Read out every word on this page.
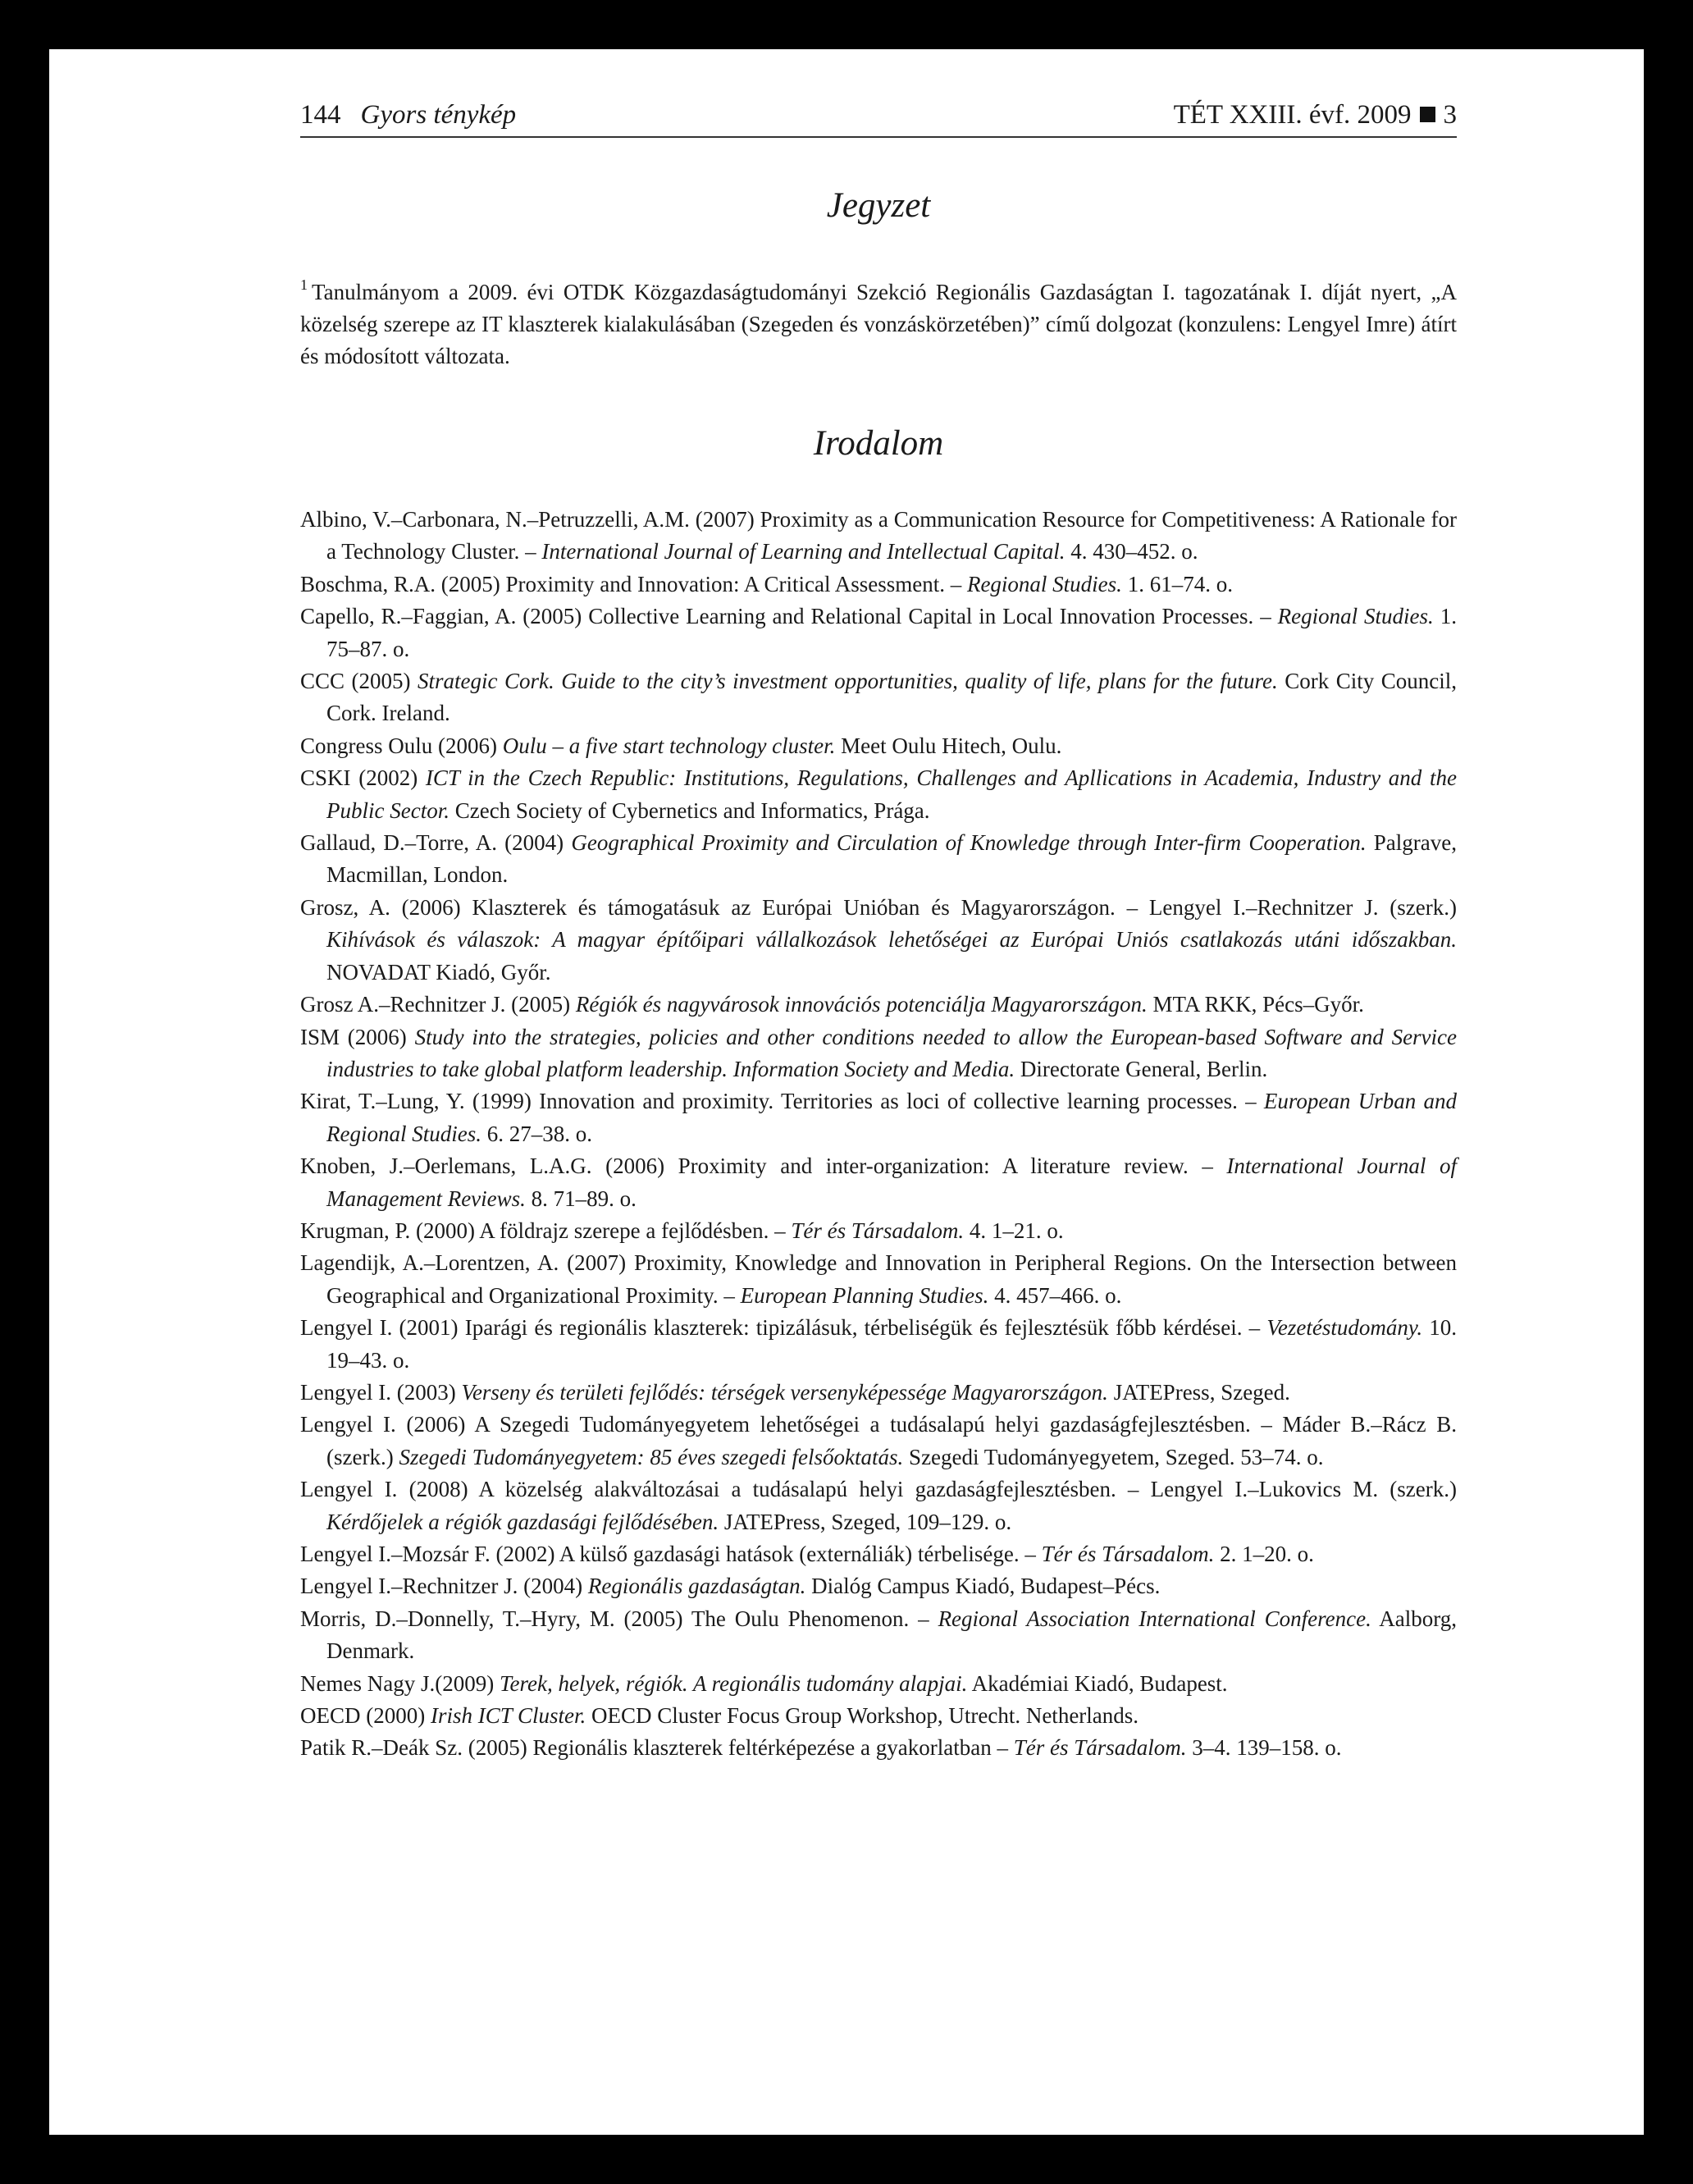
144 Gyors ténykép	TÉT XXIII. évf. 2009 3
Jegyzet

$^1$ Tanulmányom a 2009. évi OTDK Közgazdaságtudományi Szekció Regionális Gazdaságtan I. tagozatának I. díját nyert, „A közelség szerepe az IT klaszterek kialakulásában (Szegeden és vonzáskörzetében)” című dolgozat (konzulens: Lengyel Imre) átírt és módosított változata.

Irodalom

Albino, V.–Carbonara, N.–Petruzzelli, A.M. (2007) Proximity as a Communication Resource for Competitiveness: A Rationale for a Technology Cluster. – International Journal of Learning and Intellectual Capital. 4. 430–452. o.

Boschma, R.A. (2005) Proximity and Innovation: A Critical Assessment. – Regional Studies. 1. 61–74. o.

Capello, R.–Faggian, A. (2005) Collective Learning and Relational Capital in Local Innovation Processes. – Regional Studies. 1. 75–87. o.

CCC (2005) Strategic Cork. Guide to the city’s investment opportunities, quality of life, plans for the future. Cork City Council, Cork. Ireland.

Congress Oulu (2006) Oulu – a five start technology cluster. Meet Oulu Hitech, Oulu.

CSKI (2002) ICT in the Czech Republic: Institutions, Regulations, Challenges and Apllications in Academia, Industry and the Public Sector. Czech Society of Cybernetics and Informatics, Prága.

Gallaud, D.–Torre, A. (2004) Geographical Proximity and Circulation of Knowledge through Inter-firm Cooperation. Palgrave, Macmillan, London.

Grosz, A. (2006) Klaszterek és támogatásuk az Európai Unióban és Magyarországon. – Lengyel I.–Rechnitzer J. (szerk.) Kihívások és válaszok: A magyar építőipari vállalkozások lehetőségei az Európai Uniós csatlakozás utáni időszakban. NOVADAT Kiadó, Győr.

Grosz A.–Rechnitzer J. (2005) Régiók és nagyvárosok innovációs potenciálja Magyarországon. MTA RKK, Pécs–Győr.

ISM (2006) Study into the strategies, policies and other conditions needed to allow the European-based Software and Service industries to take global platform leadership. Information Society and Media. Directorate General, Berlin.

Kirat, T.–Lung, Y. (1999) Innovation and proximity. Territories as loci of collective learning processes. – European Urban and Regional Studies. 6. 27–38. o.

Knoben, J.–Oerlemans, L.A.G. (2006) Proximity and inter-organization: A literature review. – International Journal of Management Reviews. 8. 71–89. o.

Krugman, P. (2000) A földrajz szerepe a fejlődésben. – Tér és Társadalom. 4. 1–21. o.

Lagendijk, A.–Lorentzen, A. (2007) Proximity, Knowledge and Innovation in Peripheral Regions. On the Intersection between Geographical and Organizational Proximity. – European Planning Studies. 4. 457–466. o.

Lengyel I. (2001) Iparági és regionális klaszterek: tipizálásuk, térbeliségük és fejlesztésük főbb kérdései. – Vezetéstudomány. 10. 19–43. o.

Lengyel I. (2003) Verseny és területi fejlődés: térségek versenyképessége Magyarországon. JATEPress, Szeged.

Lengyel I. (2006) A Szegedi Tudományegyetem lehetőségei a tudásalapú helyi gazdaságfejlesztésben. – Máder B.–Rácz B. (szerk.) Szegedi Tudományegyetem: 85 éves szegedi felsőoktatás. Szegedi Tudományegyetem, Szeged. 53–74. o.

Lengyel I. (2008) A közelség alakváltozásai a tudásalapú helyi gazdaságfejlesztésben. – Lengyel I.–Lukovics M. (szerk.) Kérdőjelek a régiók gazdasági fejlődésében. JATEPress, Szeged, 109–129. o.

Lengyel I.–Mozsár F. (2002) A külső gazdasági hatások (externáliák) térbelisége. – Tér és Társadalom. 2. 1–20. o.

Lengyel I.–Rechnitzer J. (2004) Regionális gazdaságtan. Dialóg Campus Kiadó, Budapest–Pécs.

Morris, D.–Donnelly, T.–Hyry, M. (2005) The Oulu Phenomenon. – Regional Association International Conference. Aalborg, Denmark.

Nemes Nagy J.(2009) Terek, helyek, régiók. A regionális tudomány alapjai. Akadémiai Kiadó, Budapest.

OECD (2000) Irish ICT Cluster. OECD Cluster Focus Group Workshop, Utrecht. Netherlands.

Patik R.–Deák Sz. (2005) Regionális klaszterek feltérképezése a gyakorlatban – Tér és Társadalom. 3–4. 139–158. o.
